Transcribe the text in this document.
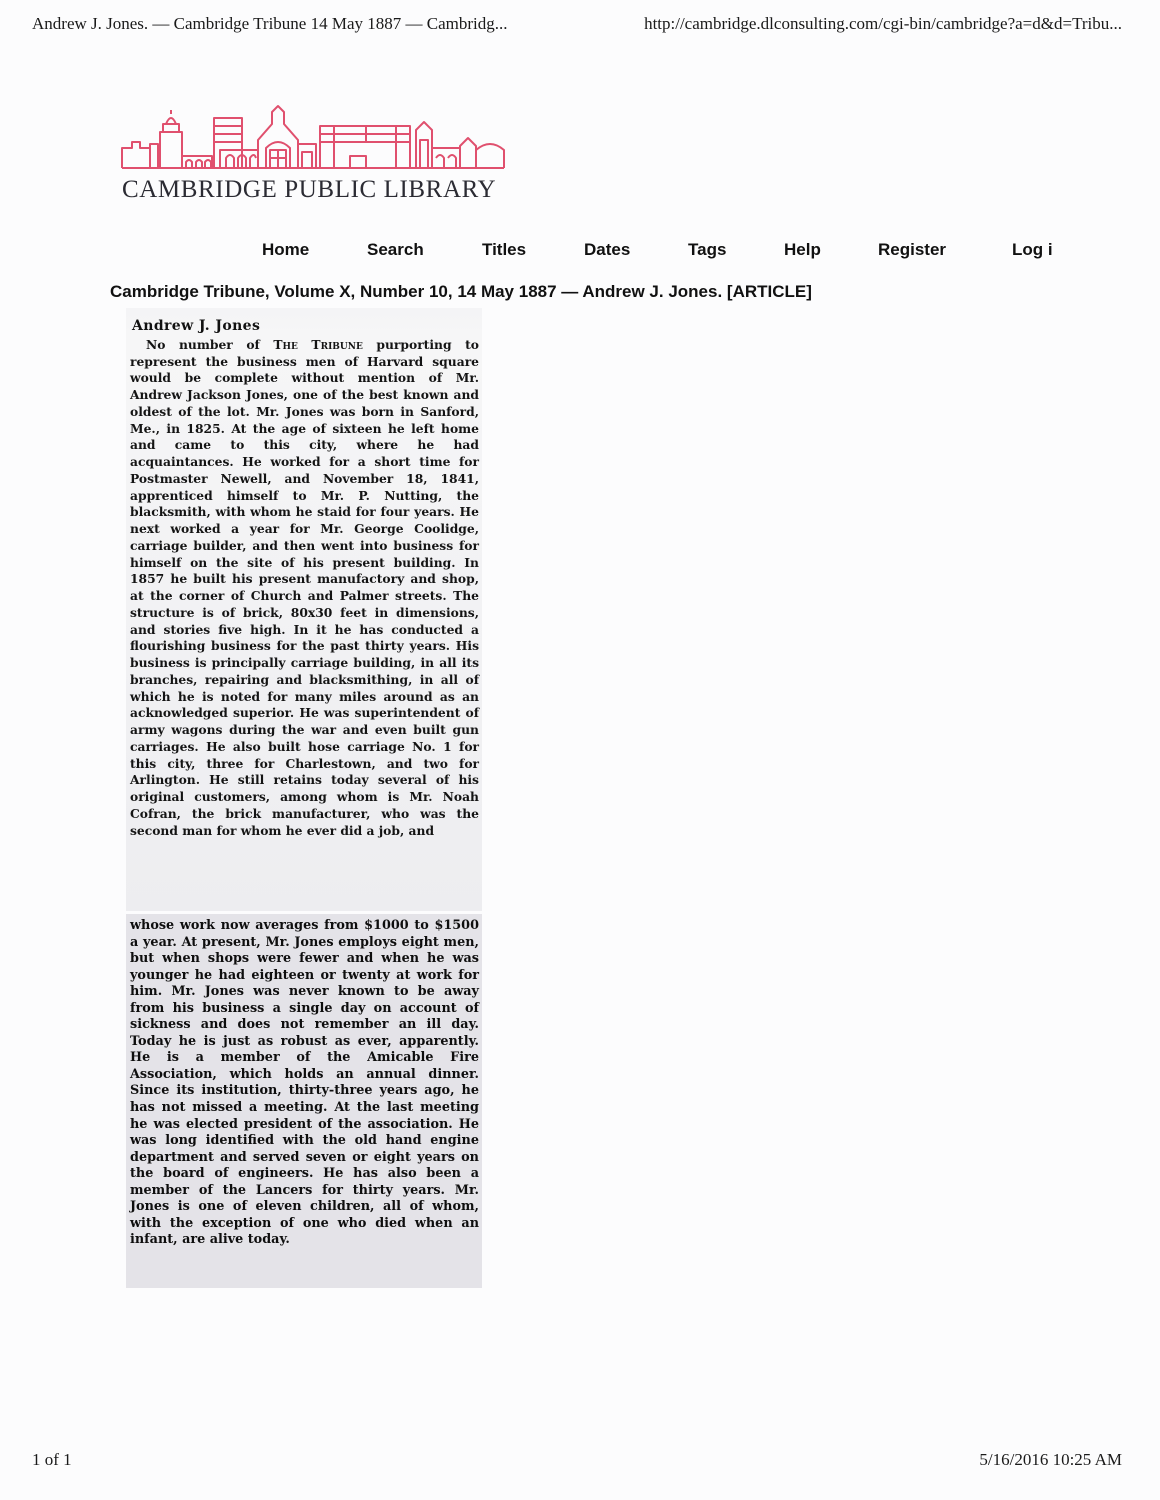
Andrew J. Jones. — Cambridge Tribune 14 May 1887 — Cambridg...	http://cambridge.dlconsulting.com/cgi-bin/cambridge?a=d&d=Tribu...
CAMBRIDGE PUBLIC LIBRARY
Home	Search	Titles	Dates	Tags	Help	Register	Log i
Cambridge Tribune, Volume X, Number 10, 14 May 1887 — Andrew J. Jones. [ARTICLE]
Andrew J. Jones

No number of The Tribune purporting to represent the business men of Harvard square would be complete without mention of Mr. Andrew Jackson Jones, one of the best known and oldest of the lot. Mr. Jones was born in Sanford, Me., in 1825. At the age of sixteen he left home and came to this city, where he had acquaintances. He worked for a short time for Postmaster Newell, and November 18, 1841, apprenticed himself to Mr. P. Nutting, the blacksmith, with whom he staid for four years. He next worked a year for Mr. George Coolidge, carriage builder, and then went into business for himself on the site of his present building. In 1857 he built his present manufactory and shop, at the corner of Church and Palmer streets. The structure is of brick, 80x30 feet in dimensions, and stories five high. In it he has conducted a flourishing business for the past thirty years. His business is principally carriage building, in all its branches, repairing and blacksmithing, in all of which he is noted for many miles around as an acknowledged superior. He was superintendent of army wagons during the war and even built gun carriages. He also built hose carriage No. 1 for this city, three for Charlestown, and two for Arlington. He still retains today several of his original customers, among whom is Mr. Noah Cofran, the brick manufacturer, who was the second man for whom he ever did a job, and

whose work now averages from $1000 to $1500 a year. At present, Mr. Jones employs eight men, but when shops were fewer and when he was younger he had eighteen or twenty at work for him. Mr. Jones was never known to be away from his business a single day on account of sickness and does not remember an ill day. Today he is just as robust as ever, apparently. He is a member of the Amicable Fire Association, which holds an annual dinner. Since its institution, thirty-three years ago, he has not missed a meeting. At the last meeting he was elected president of the association. He was long identified with the old hand engine department and served seven or eight years on the board of engineers. He has also been a member of the Lancers for thirty years. Mr. Jones is one of eleven children, all of whom, with the exception of one who died when an infant, are alive today.

1 of 1	5/16/2016 10:25 AM
